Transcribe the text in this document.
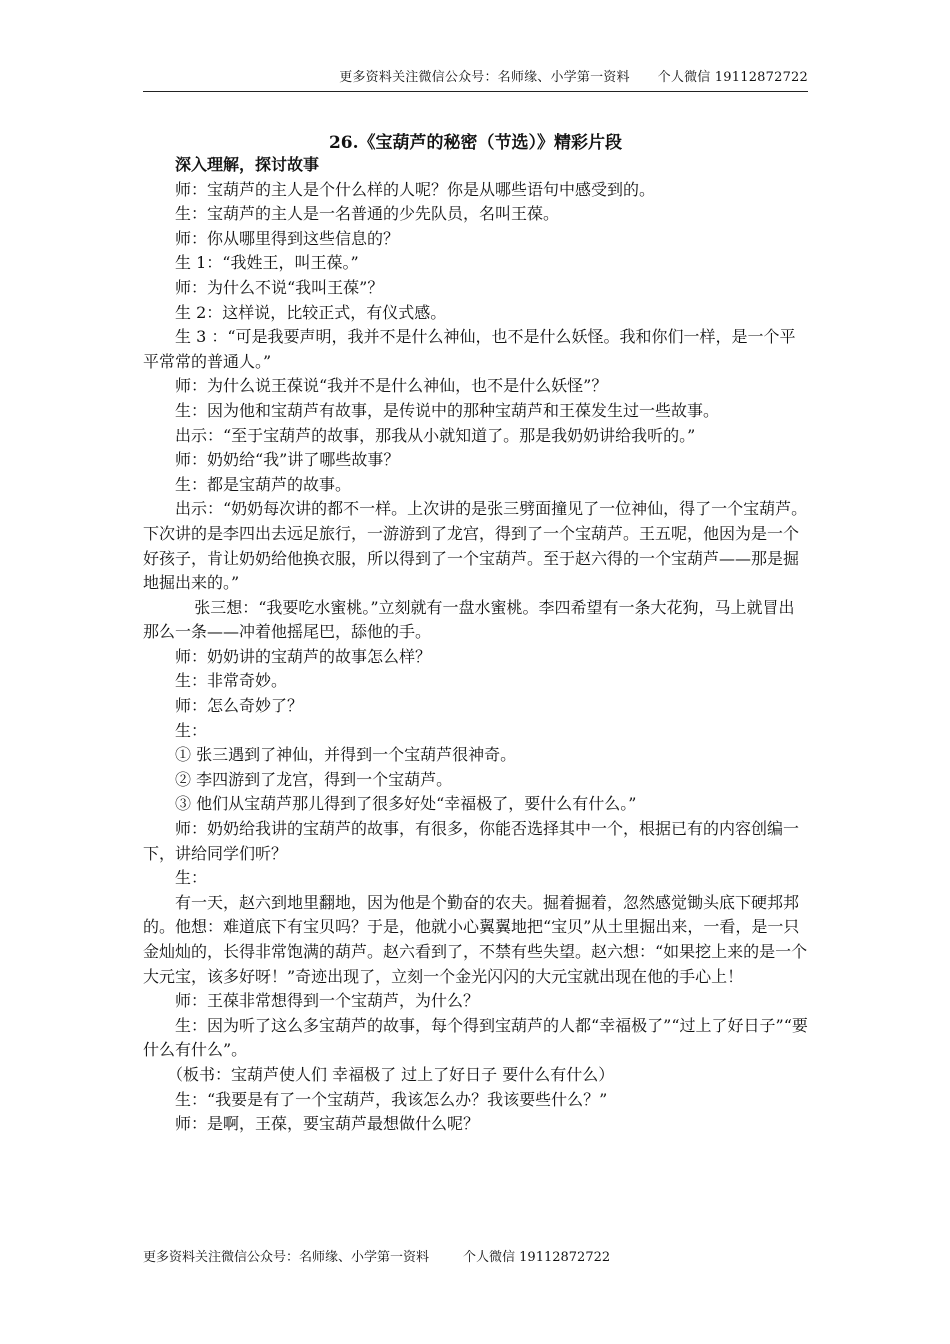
更多资料关注微信公众号：名师缘、小学第一资料 个人微信 19112872722
26.《宝葫芦的秘密（节选）》精彩片段

深入理解，探讨故事

师：宝葫芦的主人是个什么样的人呢？你是从哪些语句中感受到的。

生：宝葫芦的主人是一名普通的少先队员，名叫王葆。

师：你从哪里得到这些信息的？

生 1：“我姓王，叫王葆。”

师：为什么不说“我叫王葆”？

生 2：这样说，比较正式，有仪式感。

生 3 ：“可是我要声明，我并不是什么神仙，也不是什么妖怪。我和你们一样，是一个平平常常的普通人。”

师：为什么说王葆说“我并不是什么神仙，也不是什么妖怪”？

生：因为他和宝葫芦有故事，是传说中的那种宝葫芦和王葆发生过一些故事。

出示：“至于宝葫芦的故事，那我从小就知道了。那是我奶奶讲给我听的。”

师：奶奶给“我”讲了哪些故事？

生：都是宝葫芦的故事。

出示：“奶奶每次讲的都不一样。上次讲的是张三劈面撞见了一位神仙，得了一个宝葫芦。下次讲的是李四出去远足旅行，一游游到了龙宫，得到了一个宝葫芦。王五呢，他因为是一个好孩子，肯让奶奶给他换衣服，所以得到了一个宝葫芦。至于赵六得的一个宝葫芦——那是掘地掘出来的。”

张三想：“我要吃水蜜桃。”立刻就有一盘水蜜桃。李四希望有一条大花狗，马上就冒出那么一条——冲着他摇尾巴，舔他的手。

师：奶奶讲的宝葫芦的故事怎么样？

生：非常奇妙。

师：怎么奇妙了？

生：

① 张三遇到了神仙，并得到一个宝葫芦很神奇。

② 李四游到了龙宫，得到一个宝葫芦。

③ 他们从宝葫芦那儿得到了很多好处“幸福极了，要什么有什么。”

师：奶奶给我讲的宝葫芦的故事，有很多，你能否选择其中一个，根据已有的内容创编一下，讲给同学们听？

生：

有一天，赵六到地里翻地，因为他是个勤奋的农夫。掘着掘着，忽然感觉锄头底下硬邦邦的。他想：难道底下有宝贝吗？于是，他就小心翼翼地把“宝贝”从土里掘出来，一看，是一只金灿灿的，长得非常饱满的葫芦。赵六看到了，不禁有些失望。赵六想：“如果挖上来的是一个大元宝，该多好呀！”奇迹出现了，立刻一个金光闪闪的大元宝就出现在他的手心上！

师：王葆非常想得到一个宝葫芦，为什么？

生：因为听了这么多宝葫芦的故事，每个得到宝葫芦的人都“幸福极了”“过上了好日子”“要什么有什么”。

（板书：宝葫芦使人们 幸福极了 过上了好日子 要什么有什么）

生：“我要是有了一个宝葫芦，我该怎么办？我该要些什么？”

师：是啊，王葆，要宝葫芦最想做什么呢？

更多资料关注微信公众号：名师缘、小学第一资料	个人微信 19112872722
